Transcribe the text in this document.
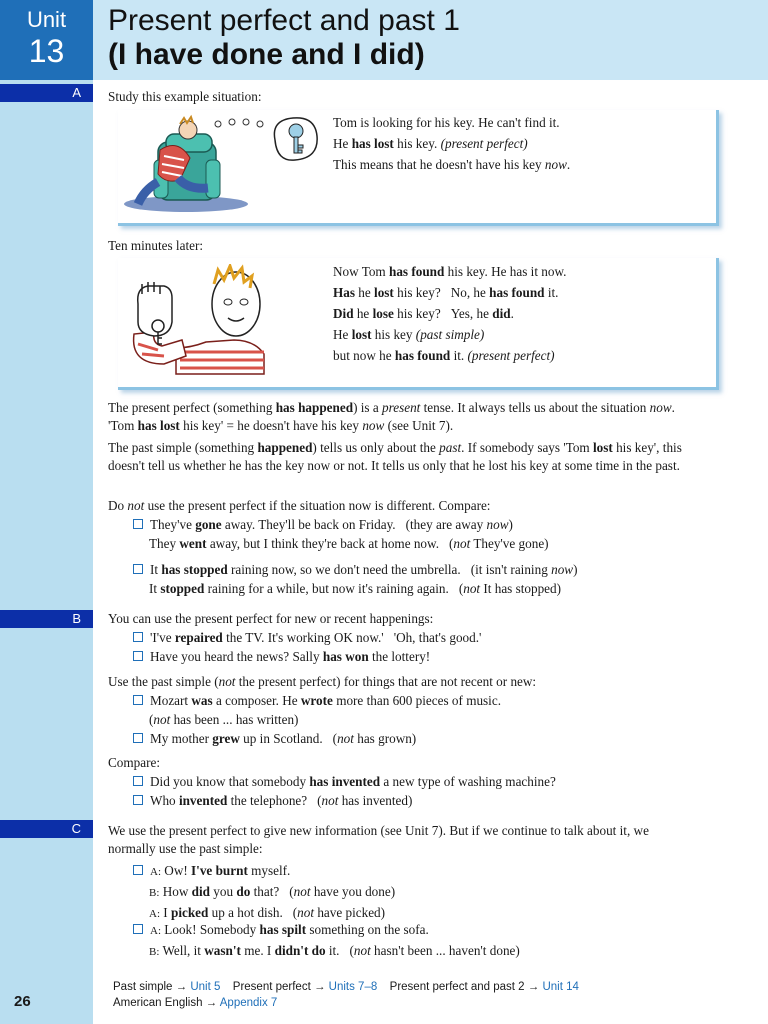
Unit
13
Present perfect and past 1
(I have done and I did)
A
B
C
Study this example situation:
Tom is looking for his key. He can't find it.
He has lost his key. (present perfect)
This means that he doesn't have his key now.
Ten minutes later:
Now Tom has found his key. He has it now.
Has he lost his key? No, he has found it.
Did he lose his key? Yes, he did.
He lost his key (past simple)
but now he has found it. (present perfect)
The present perfect (something has happened) is a present tense. It always tells us about the situation now. 'Tom has lost his key' = he doesn't have his key now (see Unit 7).
The past simple (something happened) tells us only about the past. If somebody says 'Tom lost his key', this doesn't tell us whether he has the key now or not. It tells us only that he lost his key at some time in the past.
Do not use the present perfect if the situation now is different. Compare:
They've gone away. They'll be back on Friday. (they are away now)
They went away, but I think they're back at home now. (not They've gone)
It has stopped raining now, so we don't need the umbrella. (it isn't raining now)
It stopped raining for a while, but now it's raining again. (not It has stopped)
You can use the present perfect for new or recent happenings:
'I've repaired the TV. It's working OK now.' 'Oh, that's good.'
Have you heard the news? Sally has won the lottery!
Use the past simple (not the present perfect) for things that are not recent or new:
Mozart was a composer. He wrote more than 600 pieces of music.
(not has been ... has written)
My mother grew up in Scotland. (not has grown)
Compare:
Did you know that somebody has invented a new type of washing machine?
Who invented the telephone? (not has invented)
We use the present perfect to give new information (see Unit 7). But if we continue to talk about it, we normally use the past simple:
A: Ow! I've burnt myself.
B: How did you do that? (not have you done)
A: I picked up a hot dish. (not have picked)
A: Look! Somebody has spilt something on the sofa.
B: Well, it wasn't me. I didn't do it. (not hasn't been ... haven't done)
Past simple → Unit 5 Present perfect → Units 7–8 Present perfect and past 2 → Unit 14
American English → Appendix 7
26
